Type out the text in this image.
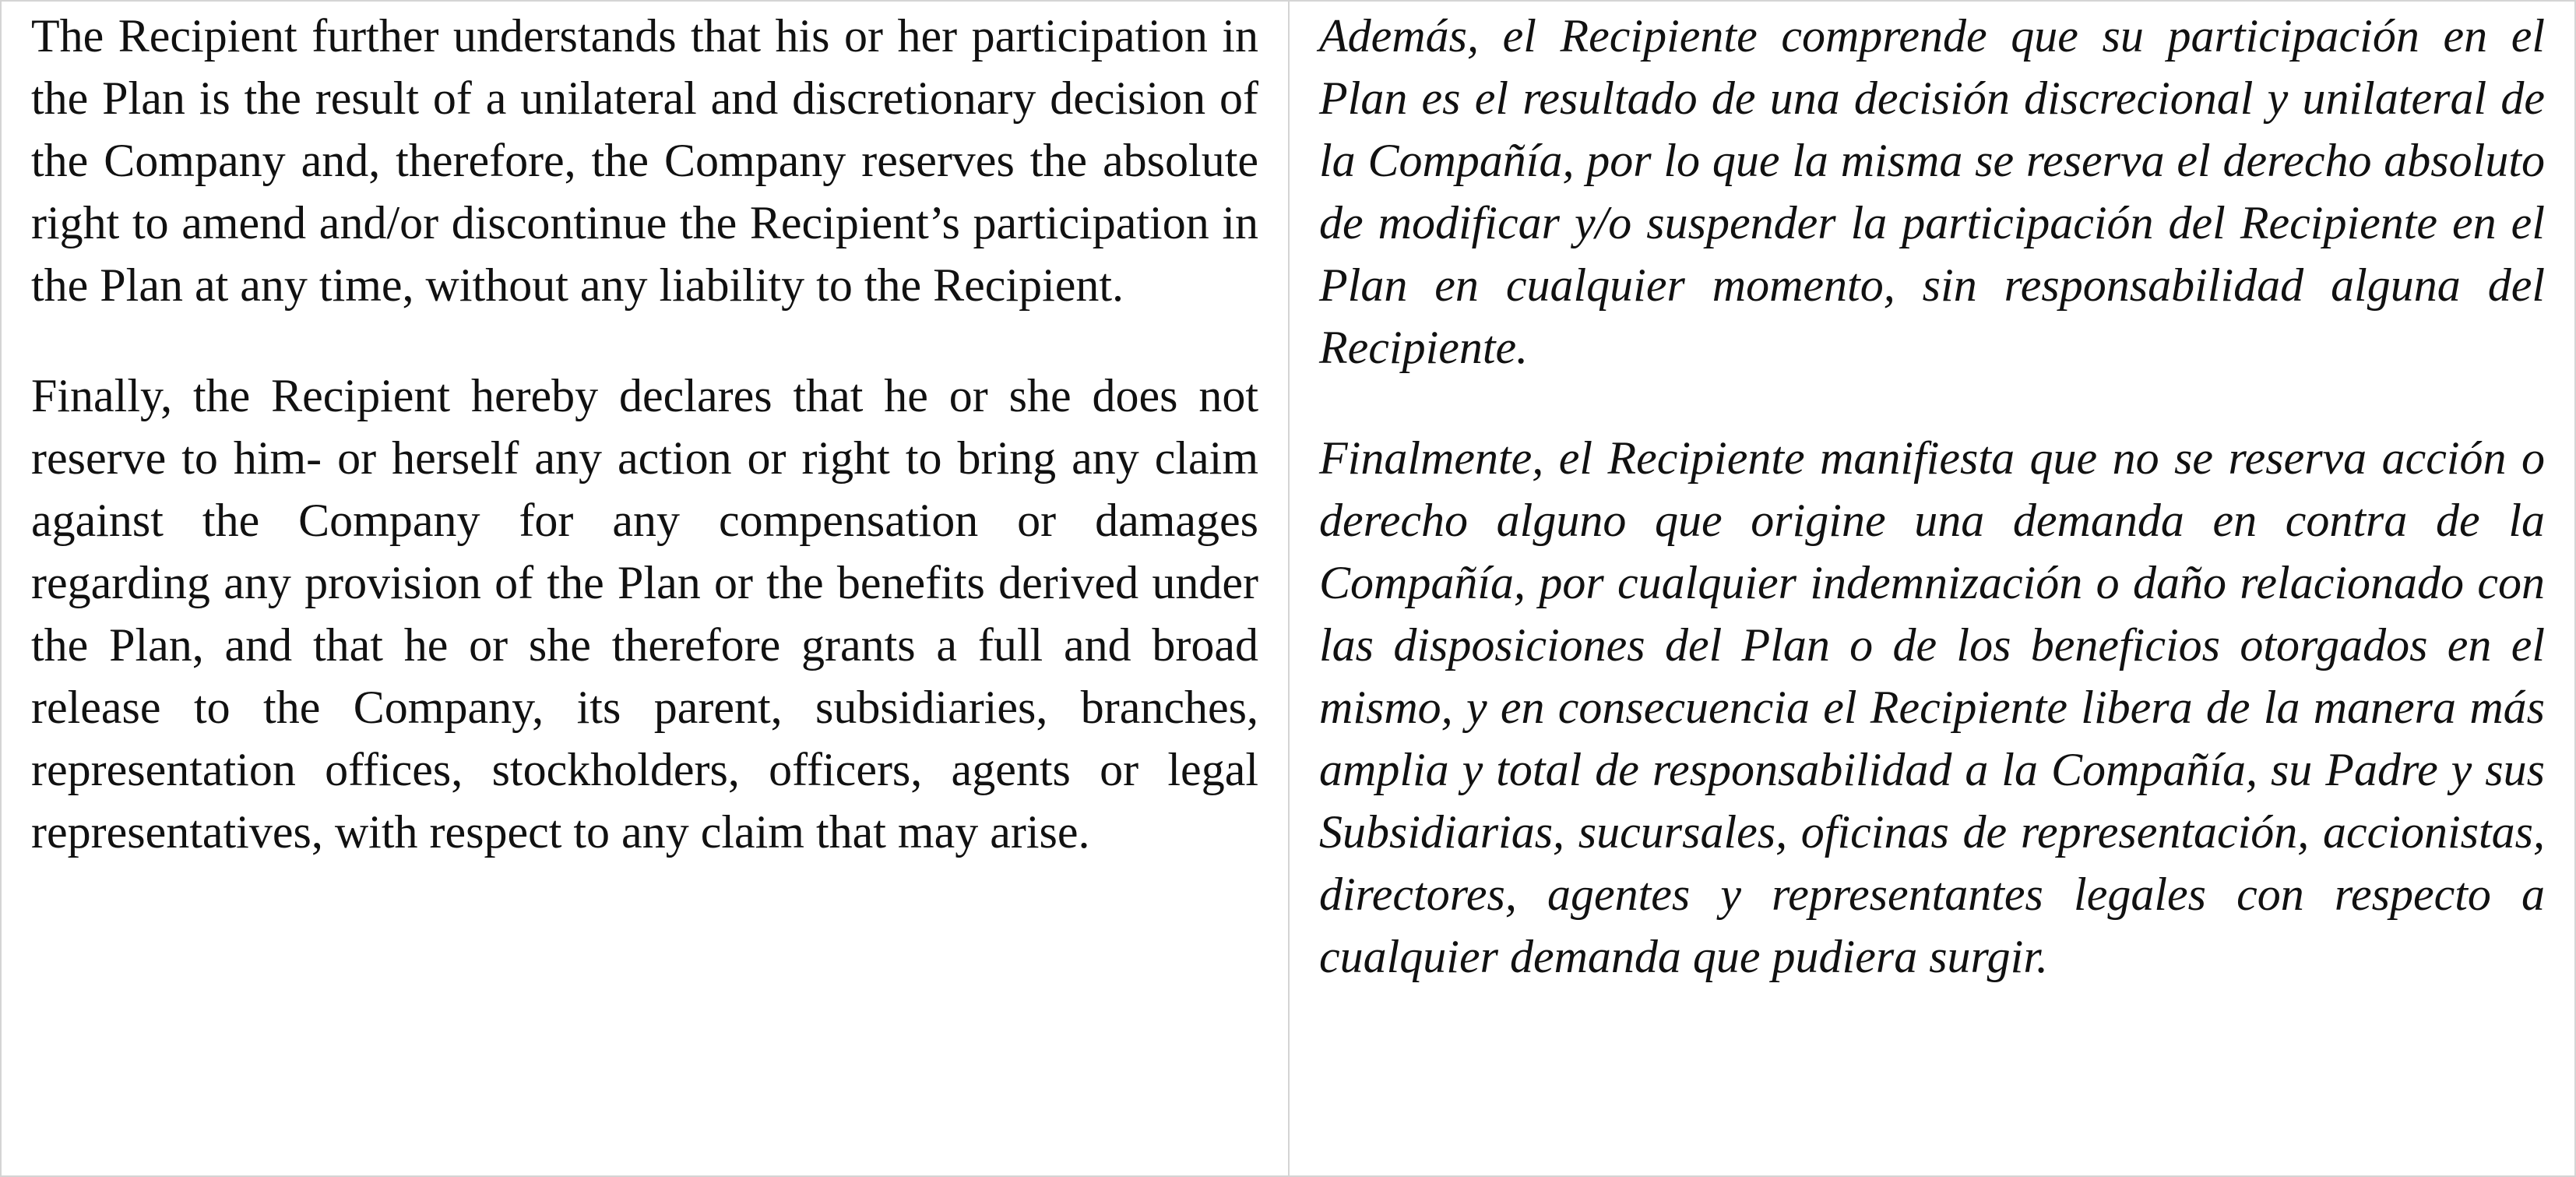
The Recipient further understands that his or her participation in the Plan is the result of a unilateral and discretionary decision of the Company and, therefore, the Company reserves the absolute right to amend and/or discontinue the Recipient’s participation in the Plan at any time, without any liability to the Recipient.

Finally, the Recipient hereby declares that he or she does not reserve to him- or herself any action or right to bring any claim against the Company for any compensation or damages regarding any provision of the Plan or the benefits derived under the Plan, and that he or she therefore grants a full and broad release to the Company, its parent, subsidiaries, branches, representation offices, stockholders, officers, agents or legal representatives, with respect to any claim that may arise.

Además, el Recipiente comprende que su participación en el Plan es el resultado de una decisión discrecional y unilateral de la Compañía, por lo que la misma se reserva el derecho absoluto de modificar y/o suspender la participación del Recipiente en el Plan en cualquier momento, sin responsabilidad alguna del Recipiente.

Finalmente, el Recipiente manifiesta que no se reserva acción o derecho alguno que origine una demanda en contra de la Compañía, por cualquier indemnización o daño relacionado con las disposiciones del Plan o de los beneficios otorgados en el mismo, y en consecuencia el Recipiente libera de la manera más amplia y total de responsabilidad a la Compañía, su Padre y sus Subsidiarias, sucursales, oficinas de representación, accionistas, directores, agentes y representantes legales con respecto a cualquier demanda que pudiera surgir.
